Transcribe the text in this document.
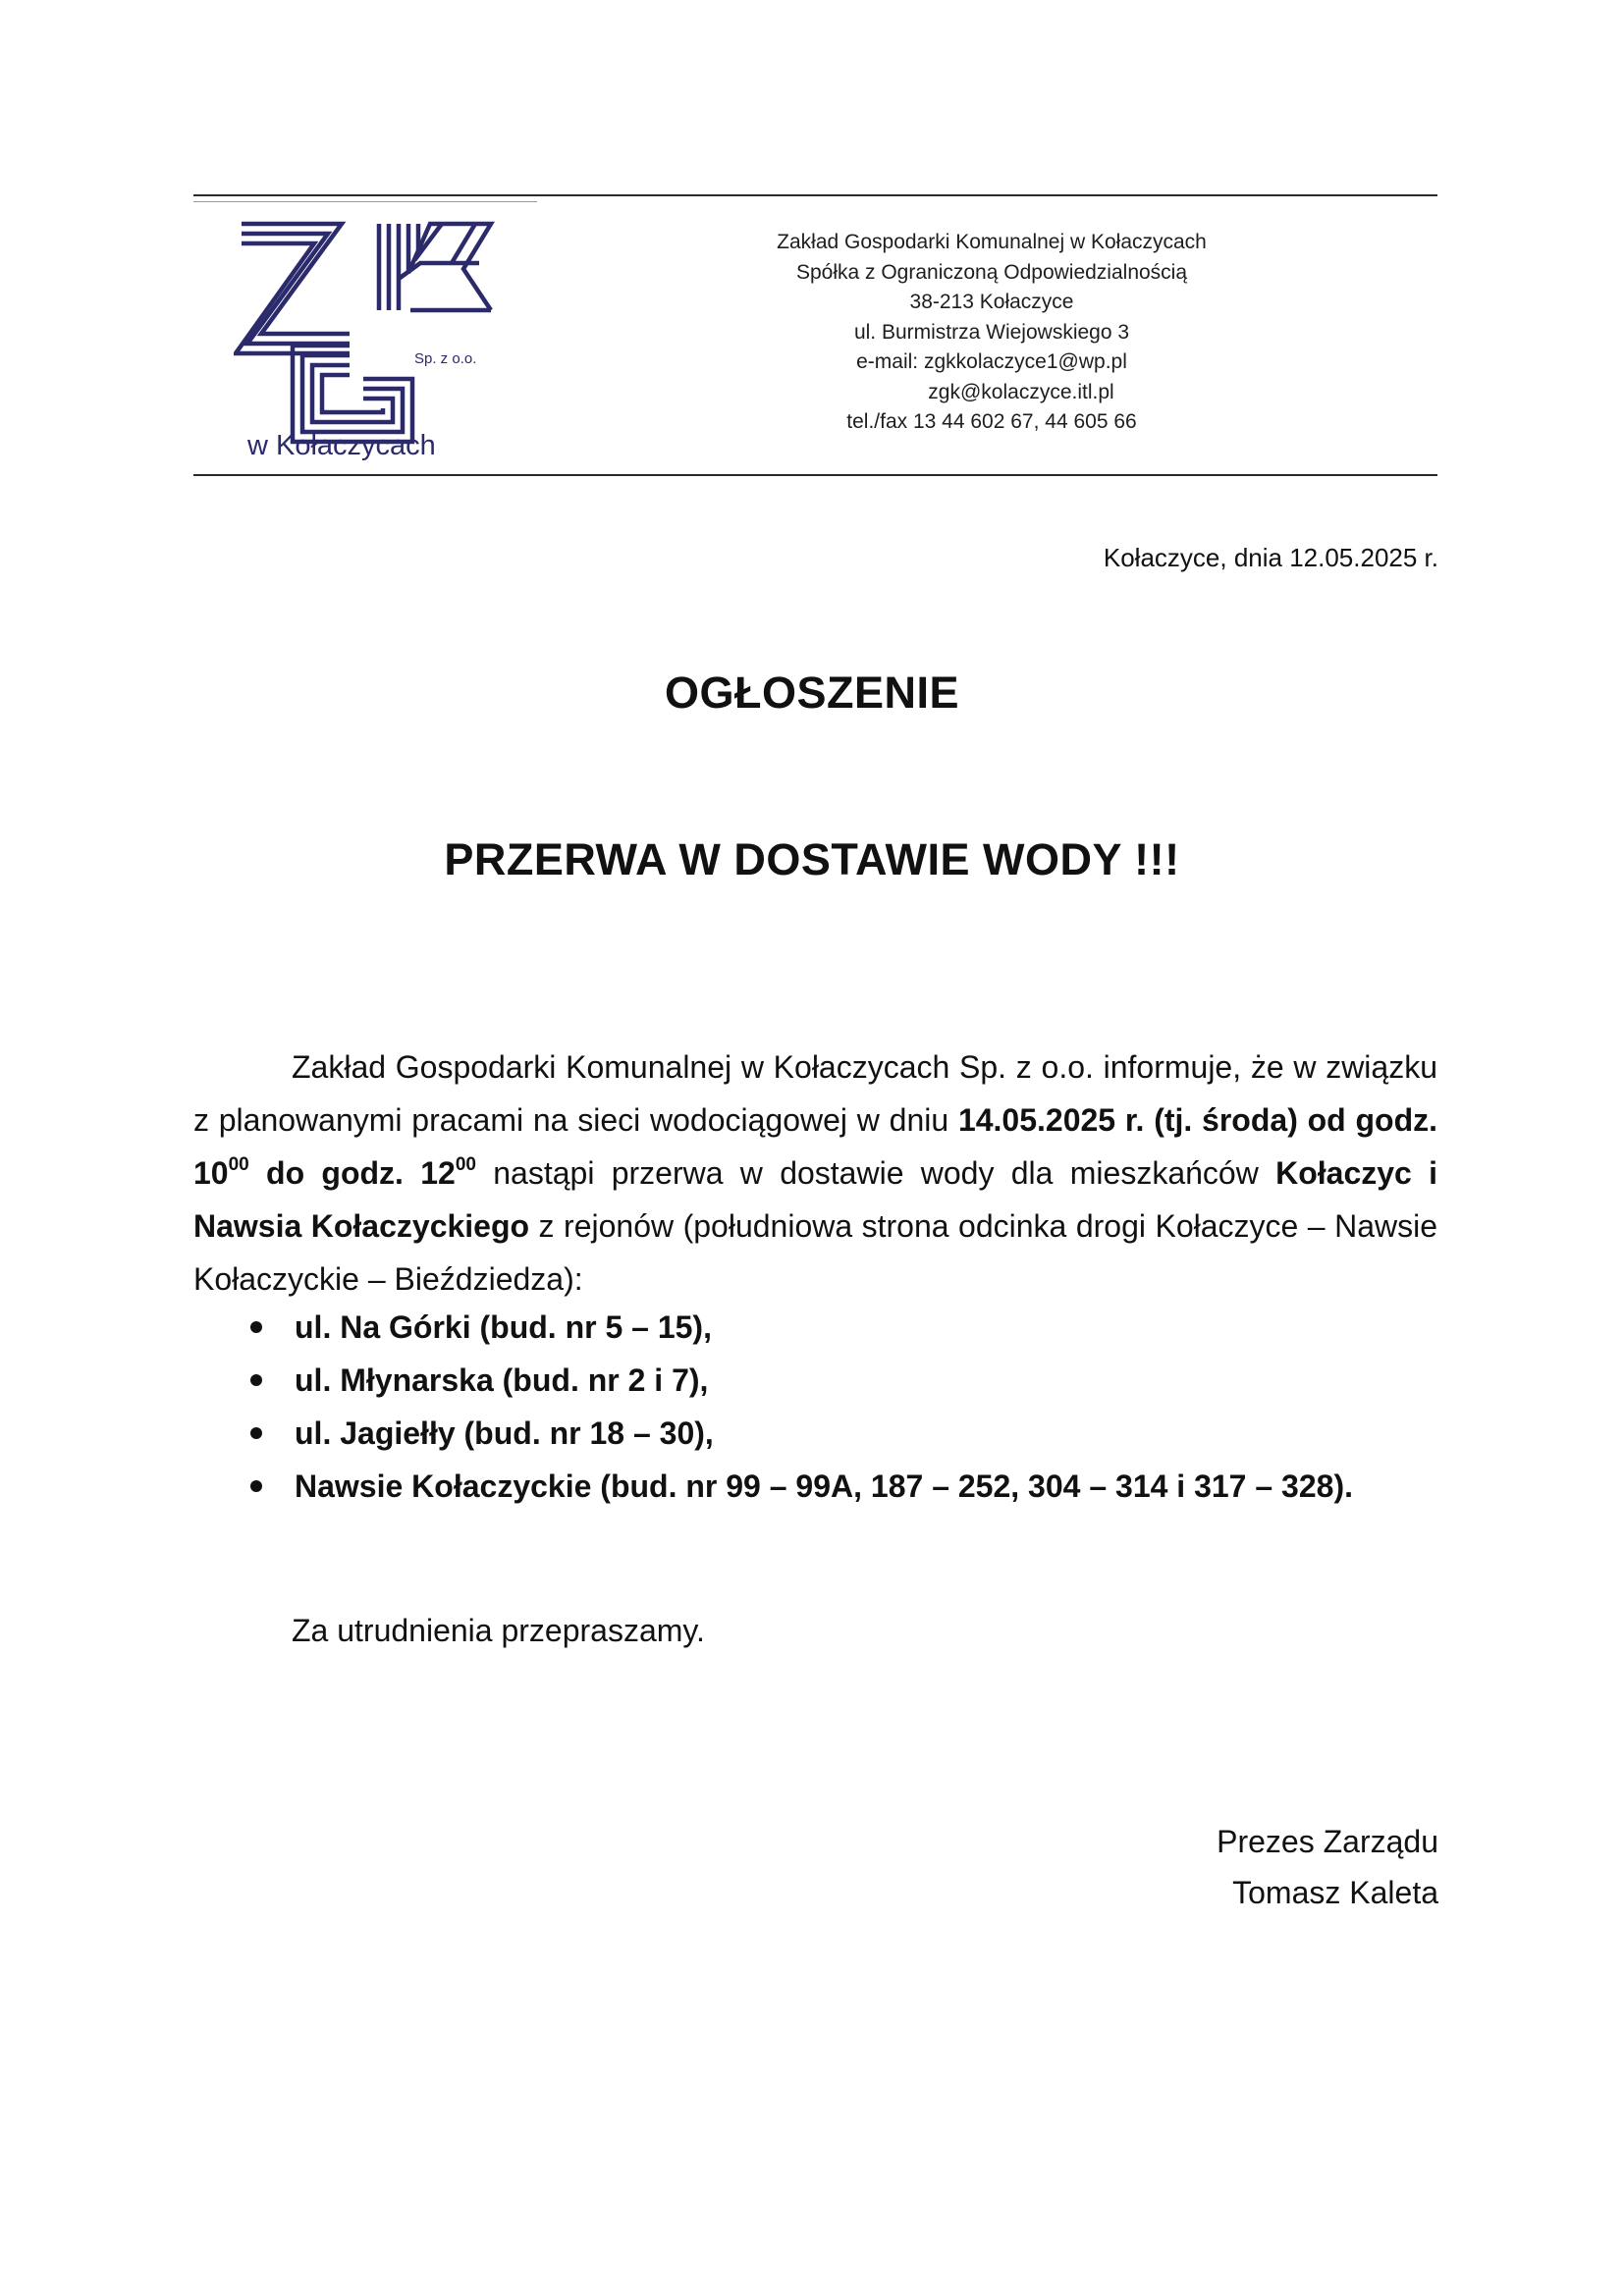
Sp. z o.o.
w Kołaczycach
Zakład Gospodarki Komunalnej w Kołaczycach
Spółka z Ograniczoną Odpowiedzialnością
38-213 Kołaczyce
ul. Burmistrza Wiejowskiego 3
e-mail: zgkkolaczyce1@wp.pl
zgk@kolaczyce.itl.pl
tel./fax 13 44 602 67, 44 605 66
Kołaczyce, dnia 12.05.2025 r.
OGŁOSZENIE
PRZERWA W DOSTAWIE WODY !!!

Zakład Gospodarki Komunalnej w Kołaczycach Sp. z o.o. informuje, że w związku z planowanymi pracami na sieci wodociągowej w dniu 14.05.2025 r. (tj. środa) od godz. $10^{00}$ do godz. $12^{00}$ nastąpi przerwa w dostawie wody dla mieszkańców Kołaczyc i Nawsia Kołaczyckiego z rejonów (południowa strona odcinka drogi Kołaczyce – Nawsie Kołaczyckie – Bieździedza):

ul. Na Górki (bud. nr 5 – 15),
ul. Młynarska (bud. nr 2 i 7),
ul. Jagiełły (bud. nr 18 – 30),
Nawsie Kołaczyckie (bud. nr 99 – 99A, 187 – 252, 304 – 314 i 317 – 328).
Za utrudnienia przepraszamy.
Prezes Zarządu
Tomasz Kaleta
